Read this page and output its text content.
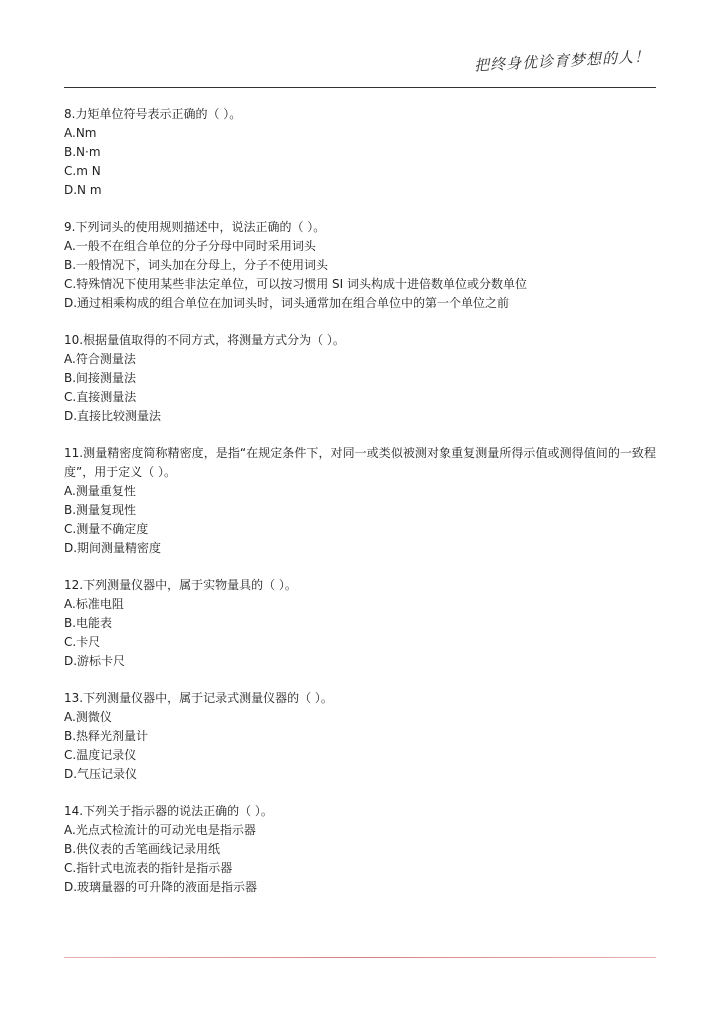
把终身优诊育梦想的人！

8.力矩单位符号表示正确的（ ）。

A.Nm

B.N·m

C.m N

D.N m

9.下列词头的使用规则描述中，说法正确的（ ）。

A.一般不在组合单位的分子分母中同时采用词头

B.一般情况下，词头加在分母上，分子不使用词头

C.特殊情况下使用某些非法定单位，可以按习惯用 SI 词头构成十进倍数单位或分数单位

D.通过相乘构成的组合单位在加词头时，词头通常加在组合单位中的第一个单位之前

10.根据量值取得的不同方式，将测量方式分为（ ）。

A.符合测量法

B.间接测量法

C.直接测量法

D.直接比较测量法

11.测量精密度简称精密度，是指“在规定条件下，对同一或类似被测对象重复测量所得示值或测得值间的一致程度”，用于定义（ ）。

A.测量重复性

B.测量复现性

C.测量不确定度

D.期间测量精密度

12.下列测量仪器中，属于实物量具的（ ）。

A.标准电阻

B.电能表

C.卡尺

D.游标卡尺

13.下列测量仪器中，属于记录式测量仪器的（ ）。

A.测微仪

B.热释光剂量计

C.温度记录仪

D.气压记录仪

14.下列关于指示器的说法正确的（ ）。

A.光点式检流计的可动光电是指示器

B.供仪表的舌笔画线记录用纸

C.指针式电流表的指针是指示器

D.玻璃量器的可升降的液面是指示器
